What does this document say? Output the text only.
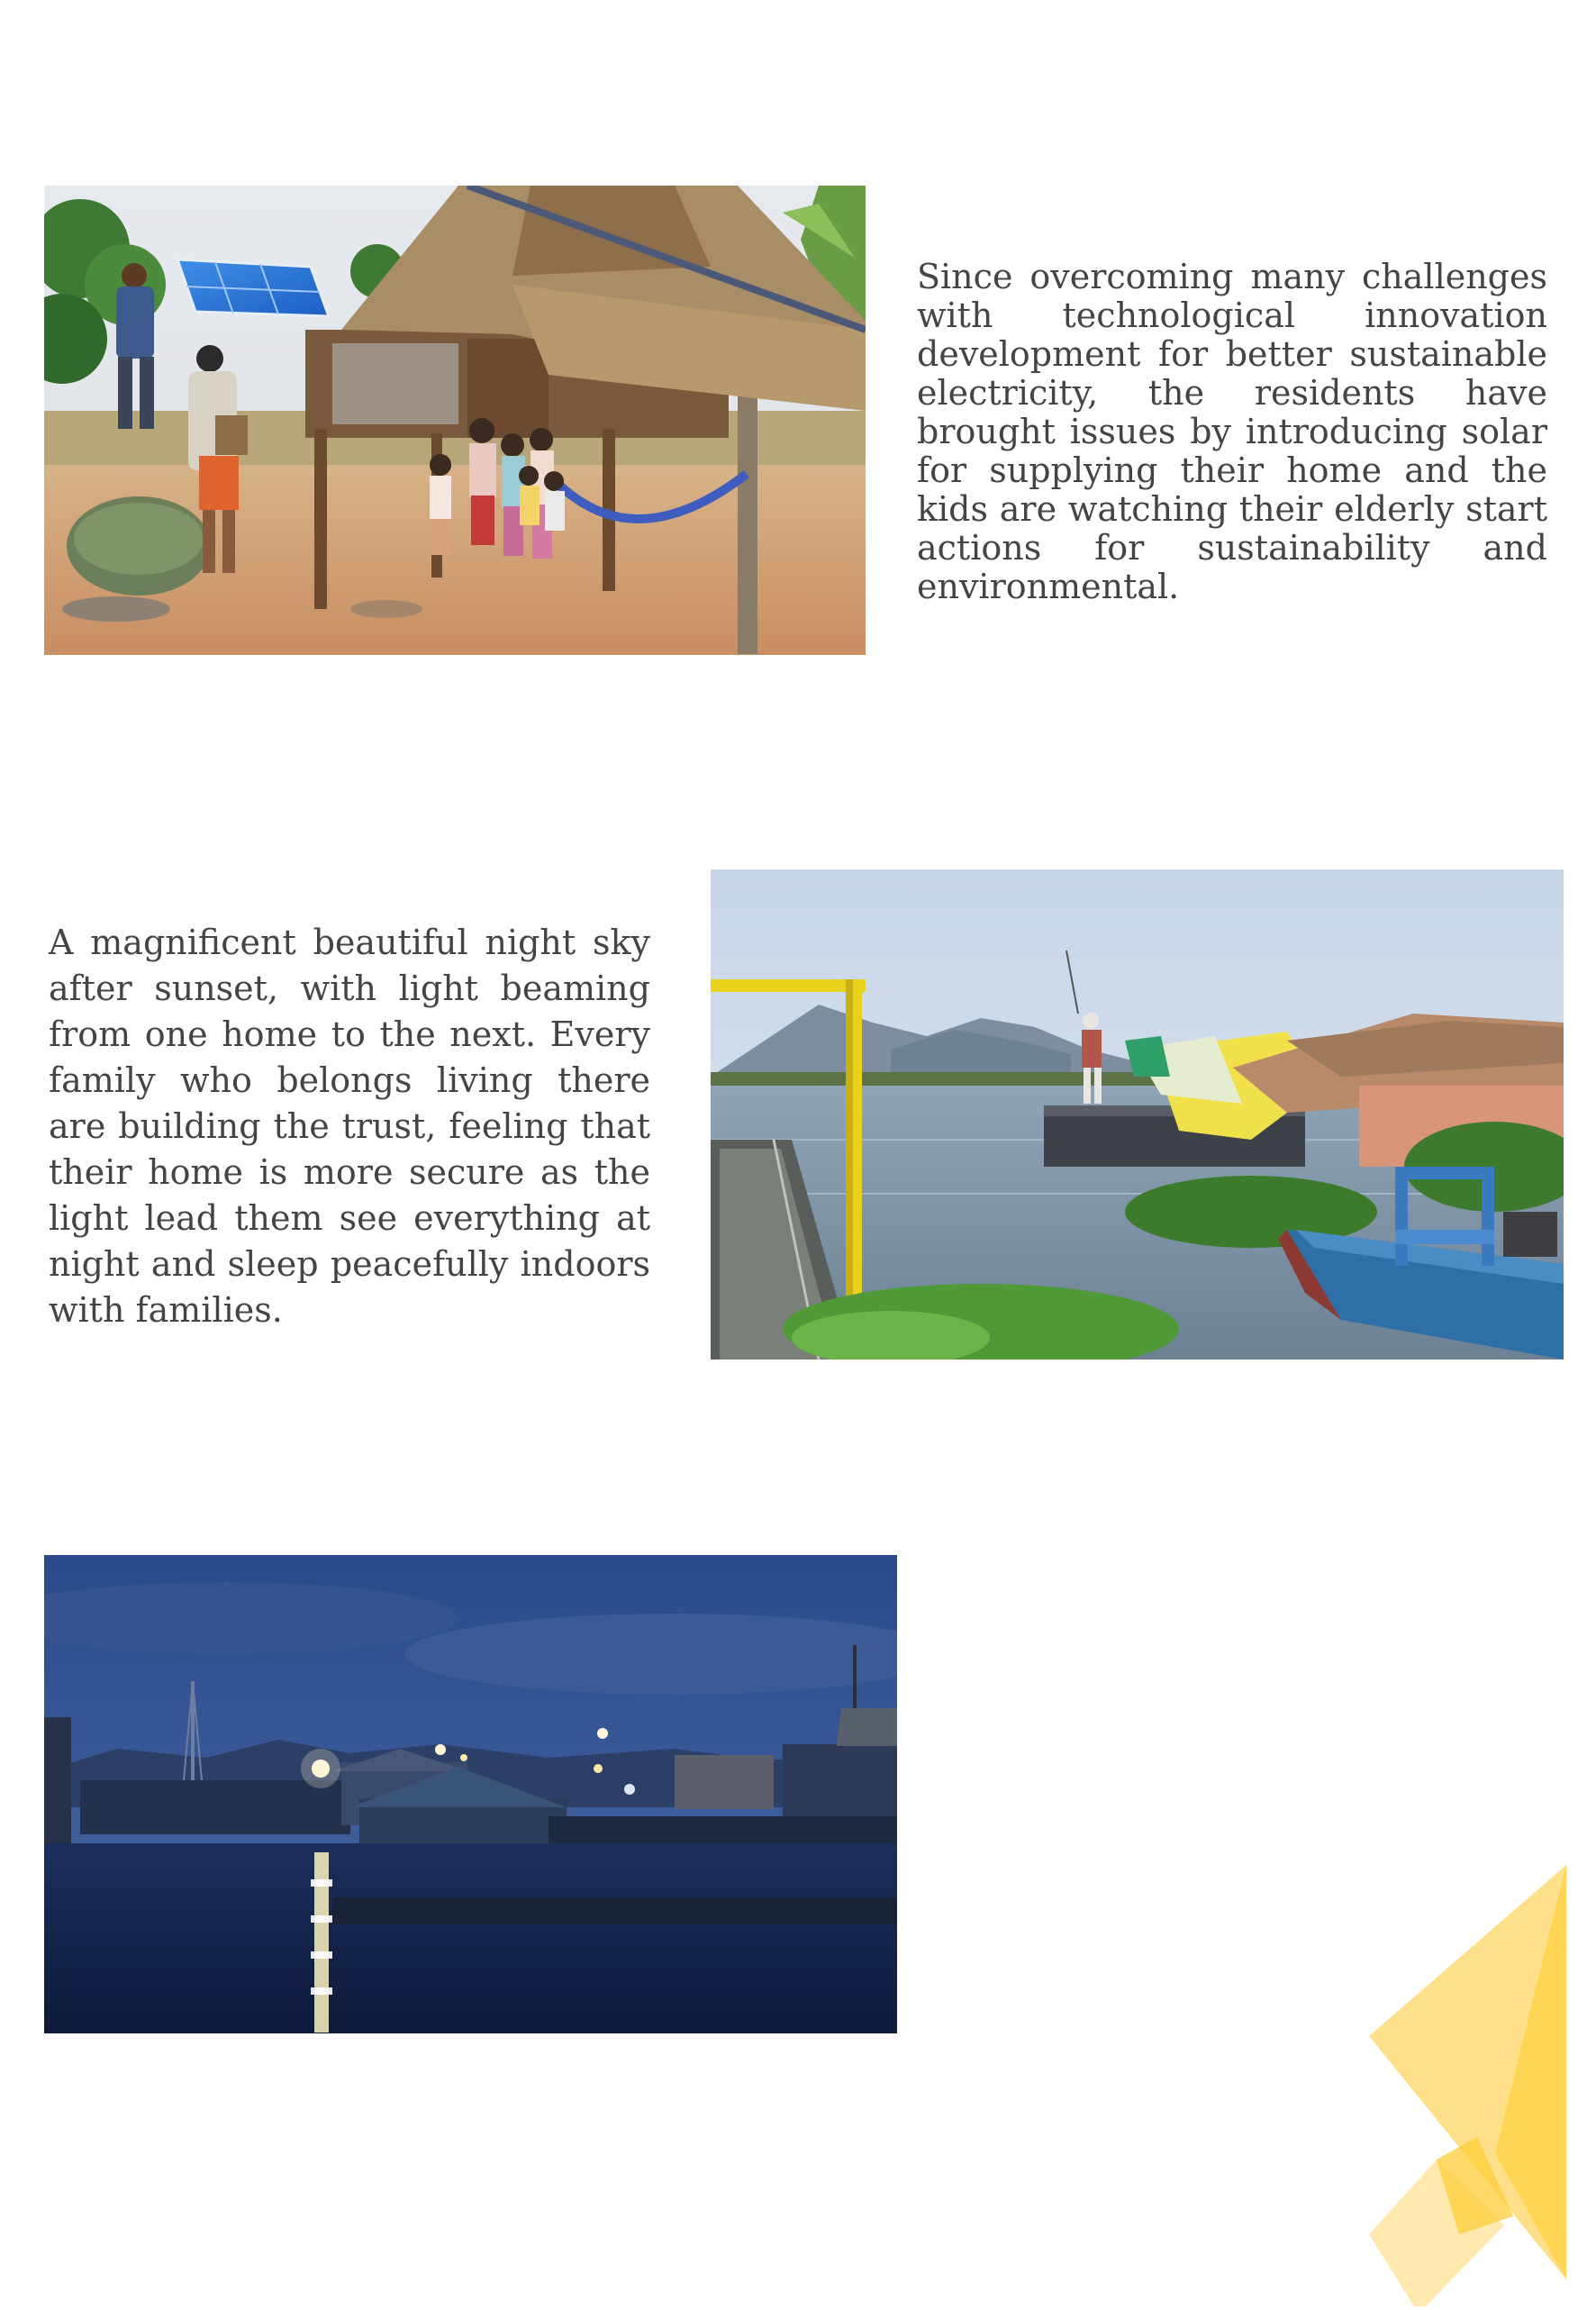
Since overcoming many challenges with technological innovation development for better sustainable electricity, the residents have brought issues by introducing solar for supplying their home and the kids are watching their elderly start actions for sustainability and environmental.

A magnificent beautiful night sky after sunset, with light beaming from one home to the next. Every family who belongs living there are building the trust, feeling that their home is more secure as the light lead them see everything at night and sleep peacefully indoors with families.
